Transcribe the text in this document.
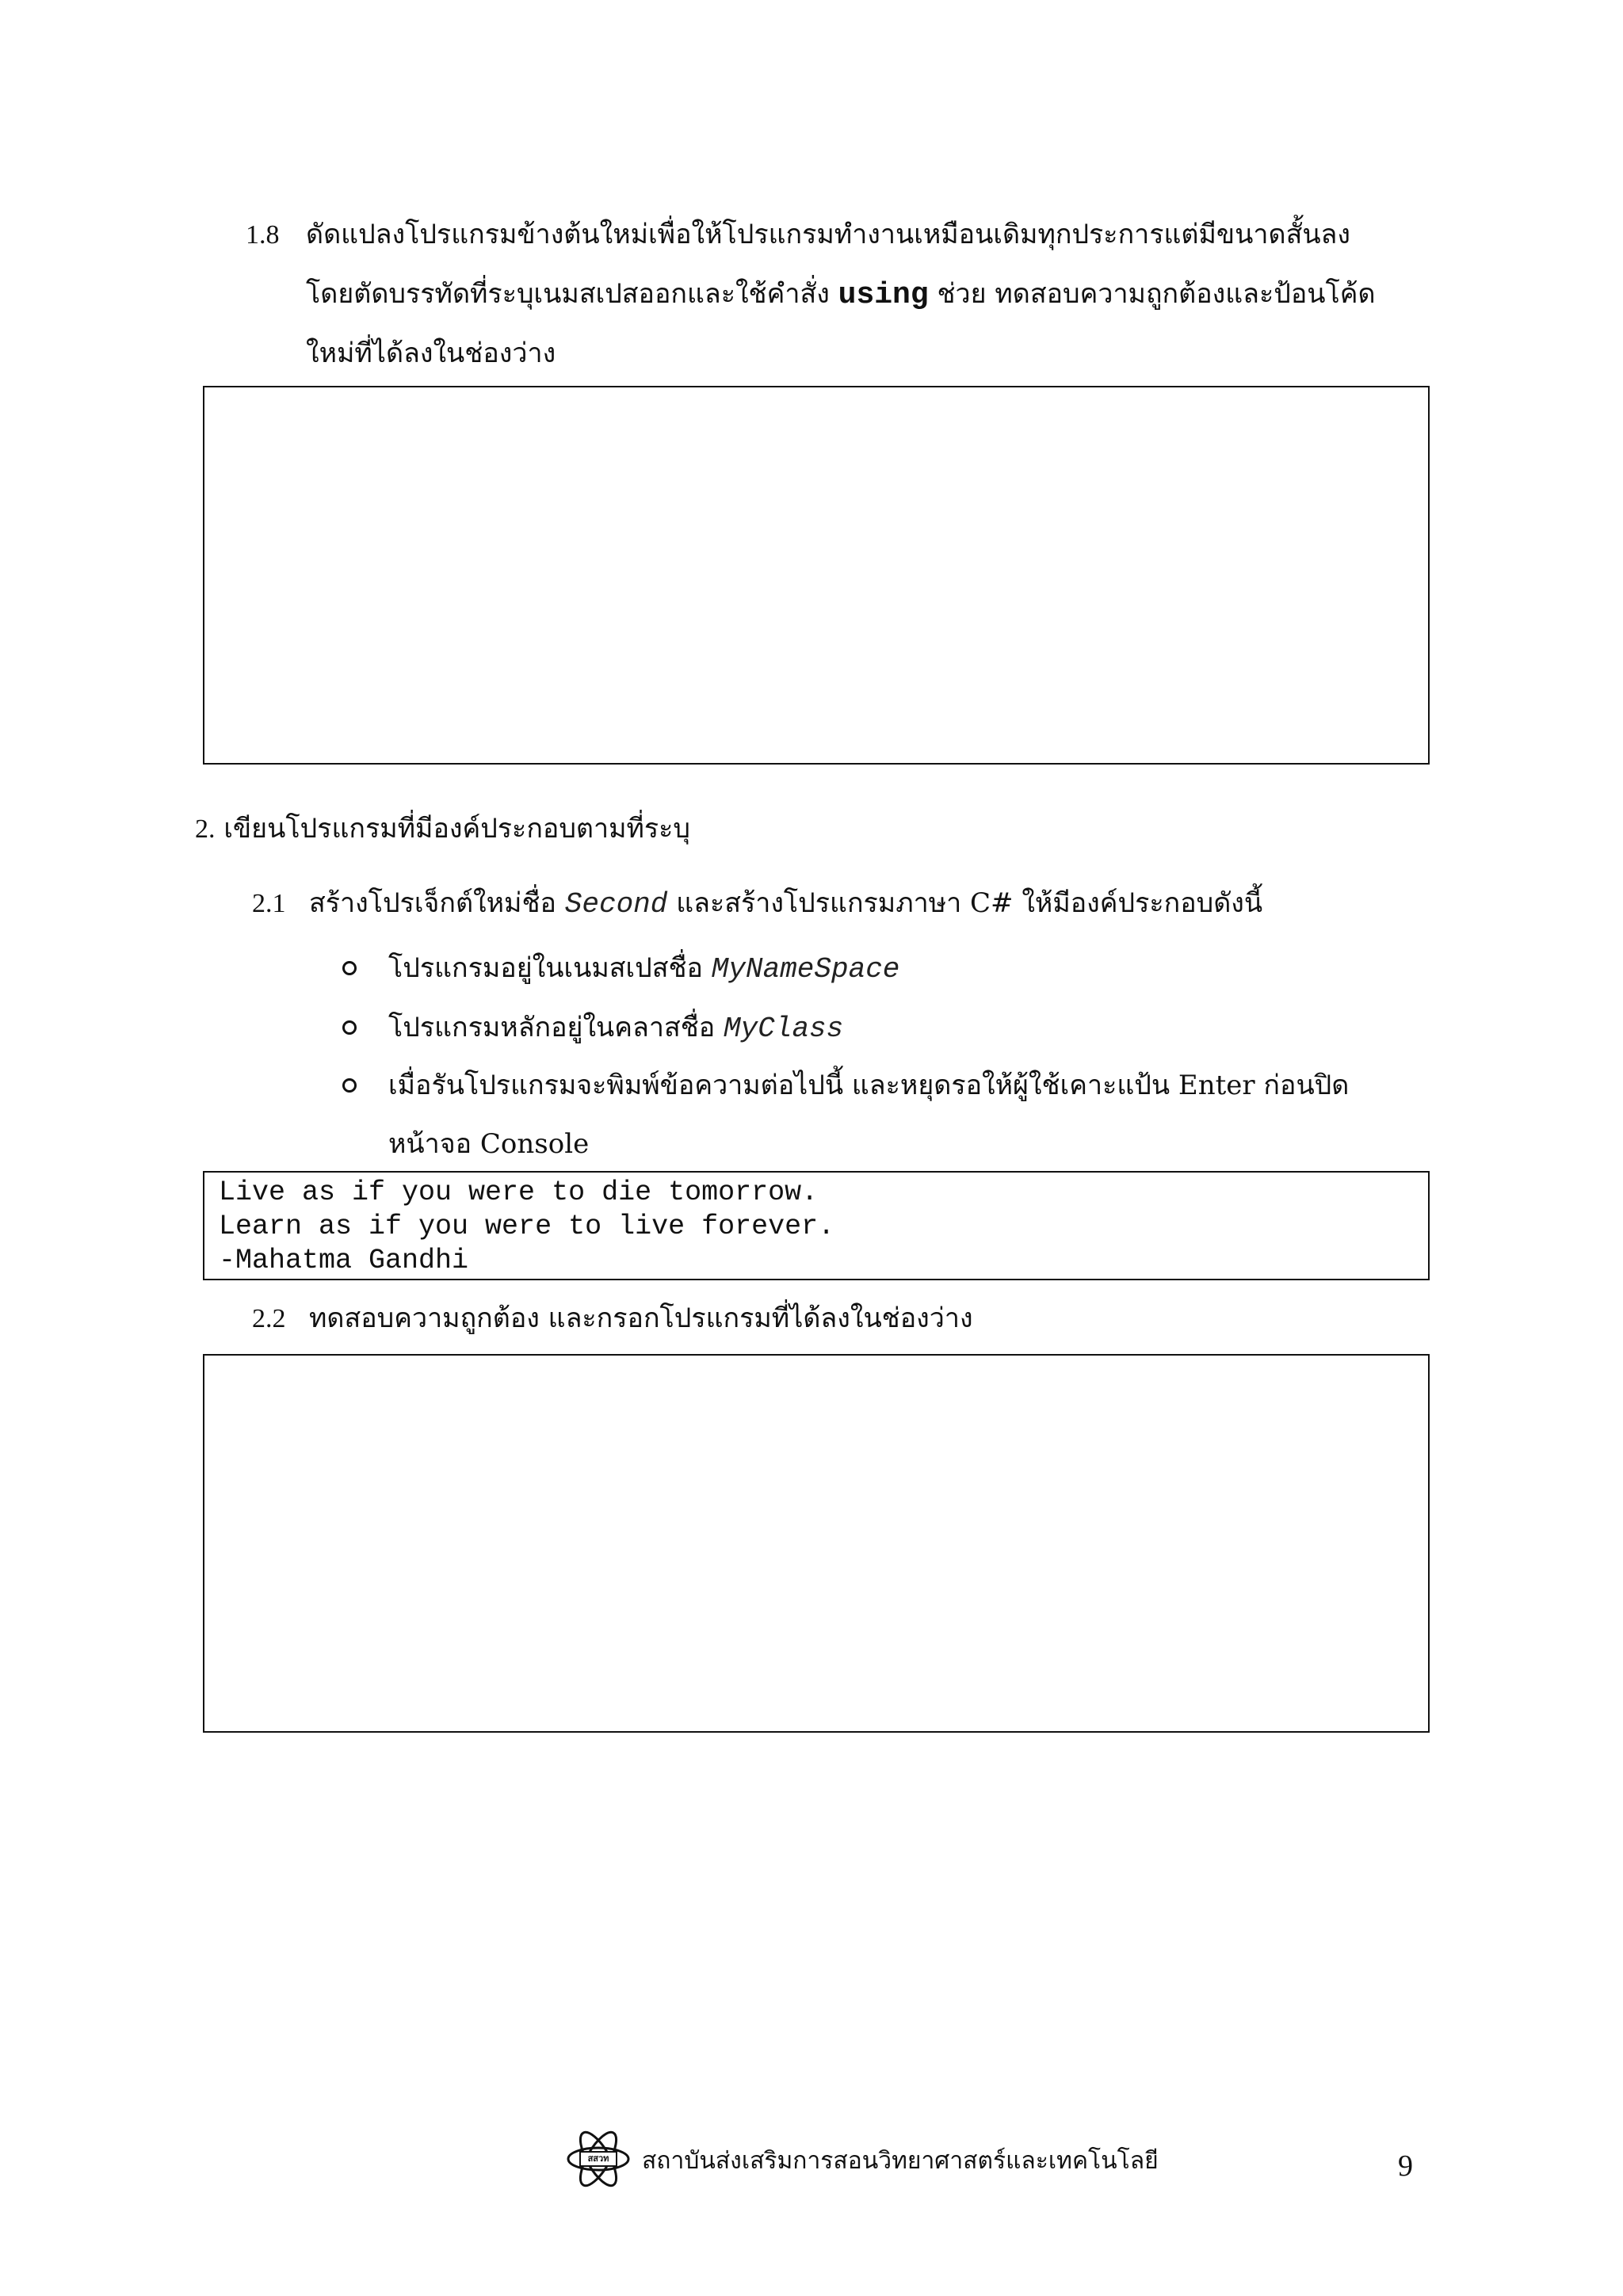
1.8 ดัดแปลงโปรแกรมข้างต้นใหม่เพื่อให้โปรแกรมทำงานเหมือนเดิมทุกประการแต่มีขนาดสั้นลง
โดยตัดบรรทัดที่ระบุเนมสเปสออกและใช้คำสั่ง using ช่วย ทดสอบความถูกต้องและป้อนโค้ด
ใหม่ที่ได้ลงในช่องว่าง
2. เขียนโปรแกรมที่มีองค์ประกอบตามที่ระบุ
2.1 สร้างโปรเจ็กต์ใหม่ชื่อ Second และสร้างโปรแกรมภาษา C# ให้มีองค์ประกอบดังนี้
โปรแกรมอยู่ในเนมสเปสชื่อ MyNameSpace
โปรแกรมหลักอยู่ในคลาสชื่อ MyClass
เมื่อรันโปรแกรมจะพิมพ์ข้อความต่อไปนี้ และหยุดรอให้ผู้ใช้เคาะแป้น Enter ก่อนปิด
หน้าจอ Console
Live as if you were to die tomorrow.
Learn as if you were to live forever.
-Mahatma Gandhi
2.2 ทดสอบความถูกต้อง และกรอกโปรแกรมที่ได้ลงในช่องว่าง
สสวท	สถาบันส่งเสริมการสอนวิทยาศาสตร์และเทคโนโลยี	9
